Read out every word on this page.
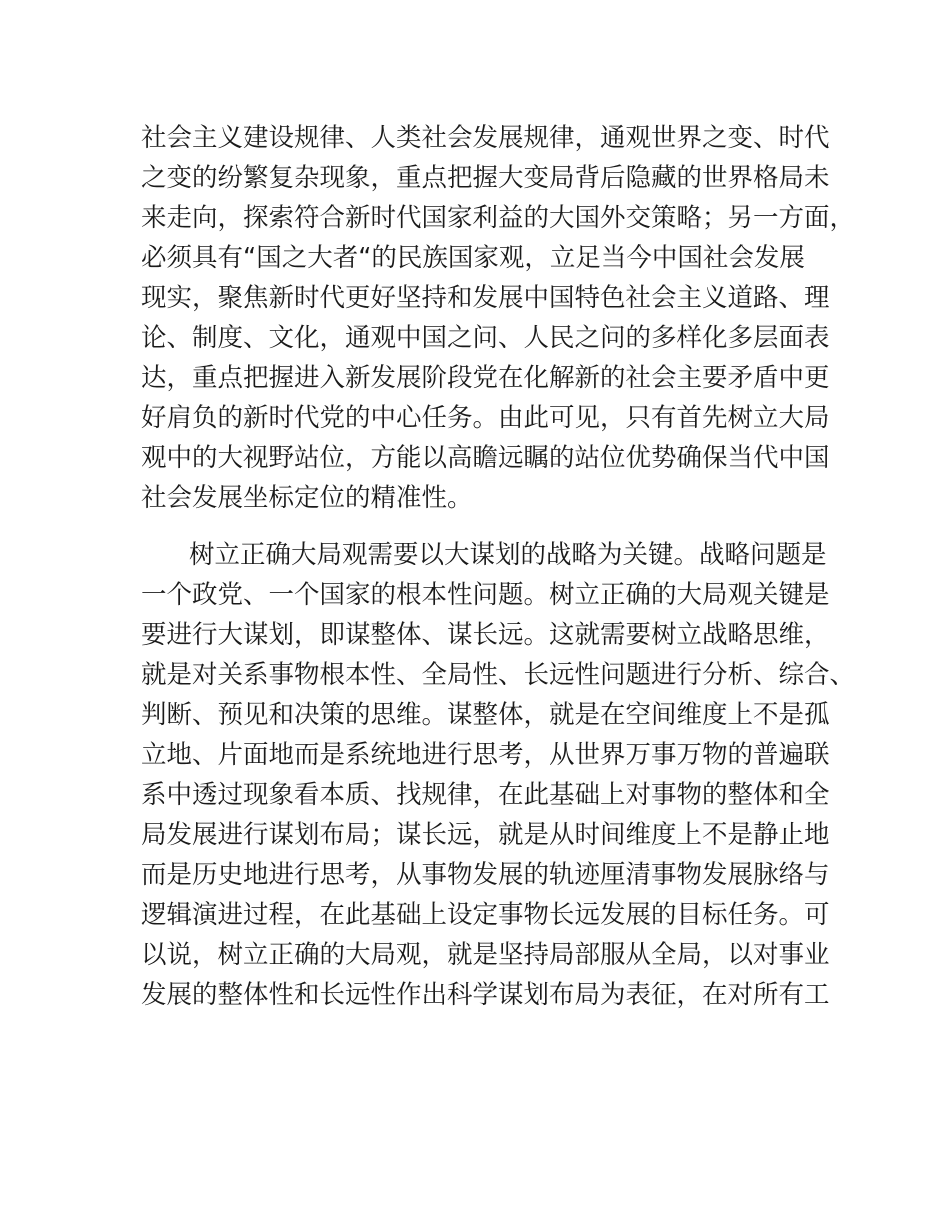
社会主义建设规律、人类社会发展规律，通观世界之变、时代
之变的纷繁复杂现象，重点把握大变局背后隐藏的世界格局未
来走向，探索符合新时代国家利益的大国外交策略；另一方面，
必须具有“国之大者“的民族国家观，立足当今中国社会发展
现实，聚焦新时代更好坚持和发展中国特色社会主义道路、理
论、制度、文化，通观中国之问、人民之问的多样化多层面表
达，重点把握进入新发展阶段党在化解新的社会主要矛盾中更
好肩负的新时代党的中心任务。由此可见，只有首先树立大局
观中的大视野站位，方能以高瞻远瞩的站位优势确保当代中国
社会发展坐标定位的精准性。
树立正确大局观需要以大谋划的战略为关键。战略问题是
一个政党、一个国家的根本性问题。树立正确的大局观关键是
要进行大谋划，即谋整体、谋长远。这就需要树立战略思维，
就是对关系事物根本性、全局性、长远性问题进行分析、综合、
判断、预见和决策的思维。谋整体，就是在空间维度上不是孤
立地、片面地而是系统地进行思考，从世界万事万物的普遍联
系中透过现象看本质、找规律，在此基础上对事物的整体和全
局发展进行谋划布局；谋长远，就是从时间维度上不是静止地
而是历史地进行思考，从事物发展的轨迹厘清事物发展脉络与
逻辑演进过程，在此基础上设定事物长远发展的目标任务。可
以说，树立正确的大局观，就是坚持局部服从全局，以对事业
发展的整体性和长远性作出科学谋划布局为表征，在对所有工
